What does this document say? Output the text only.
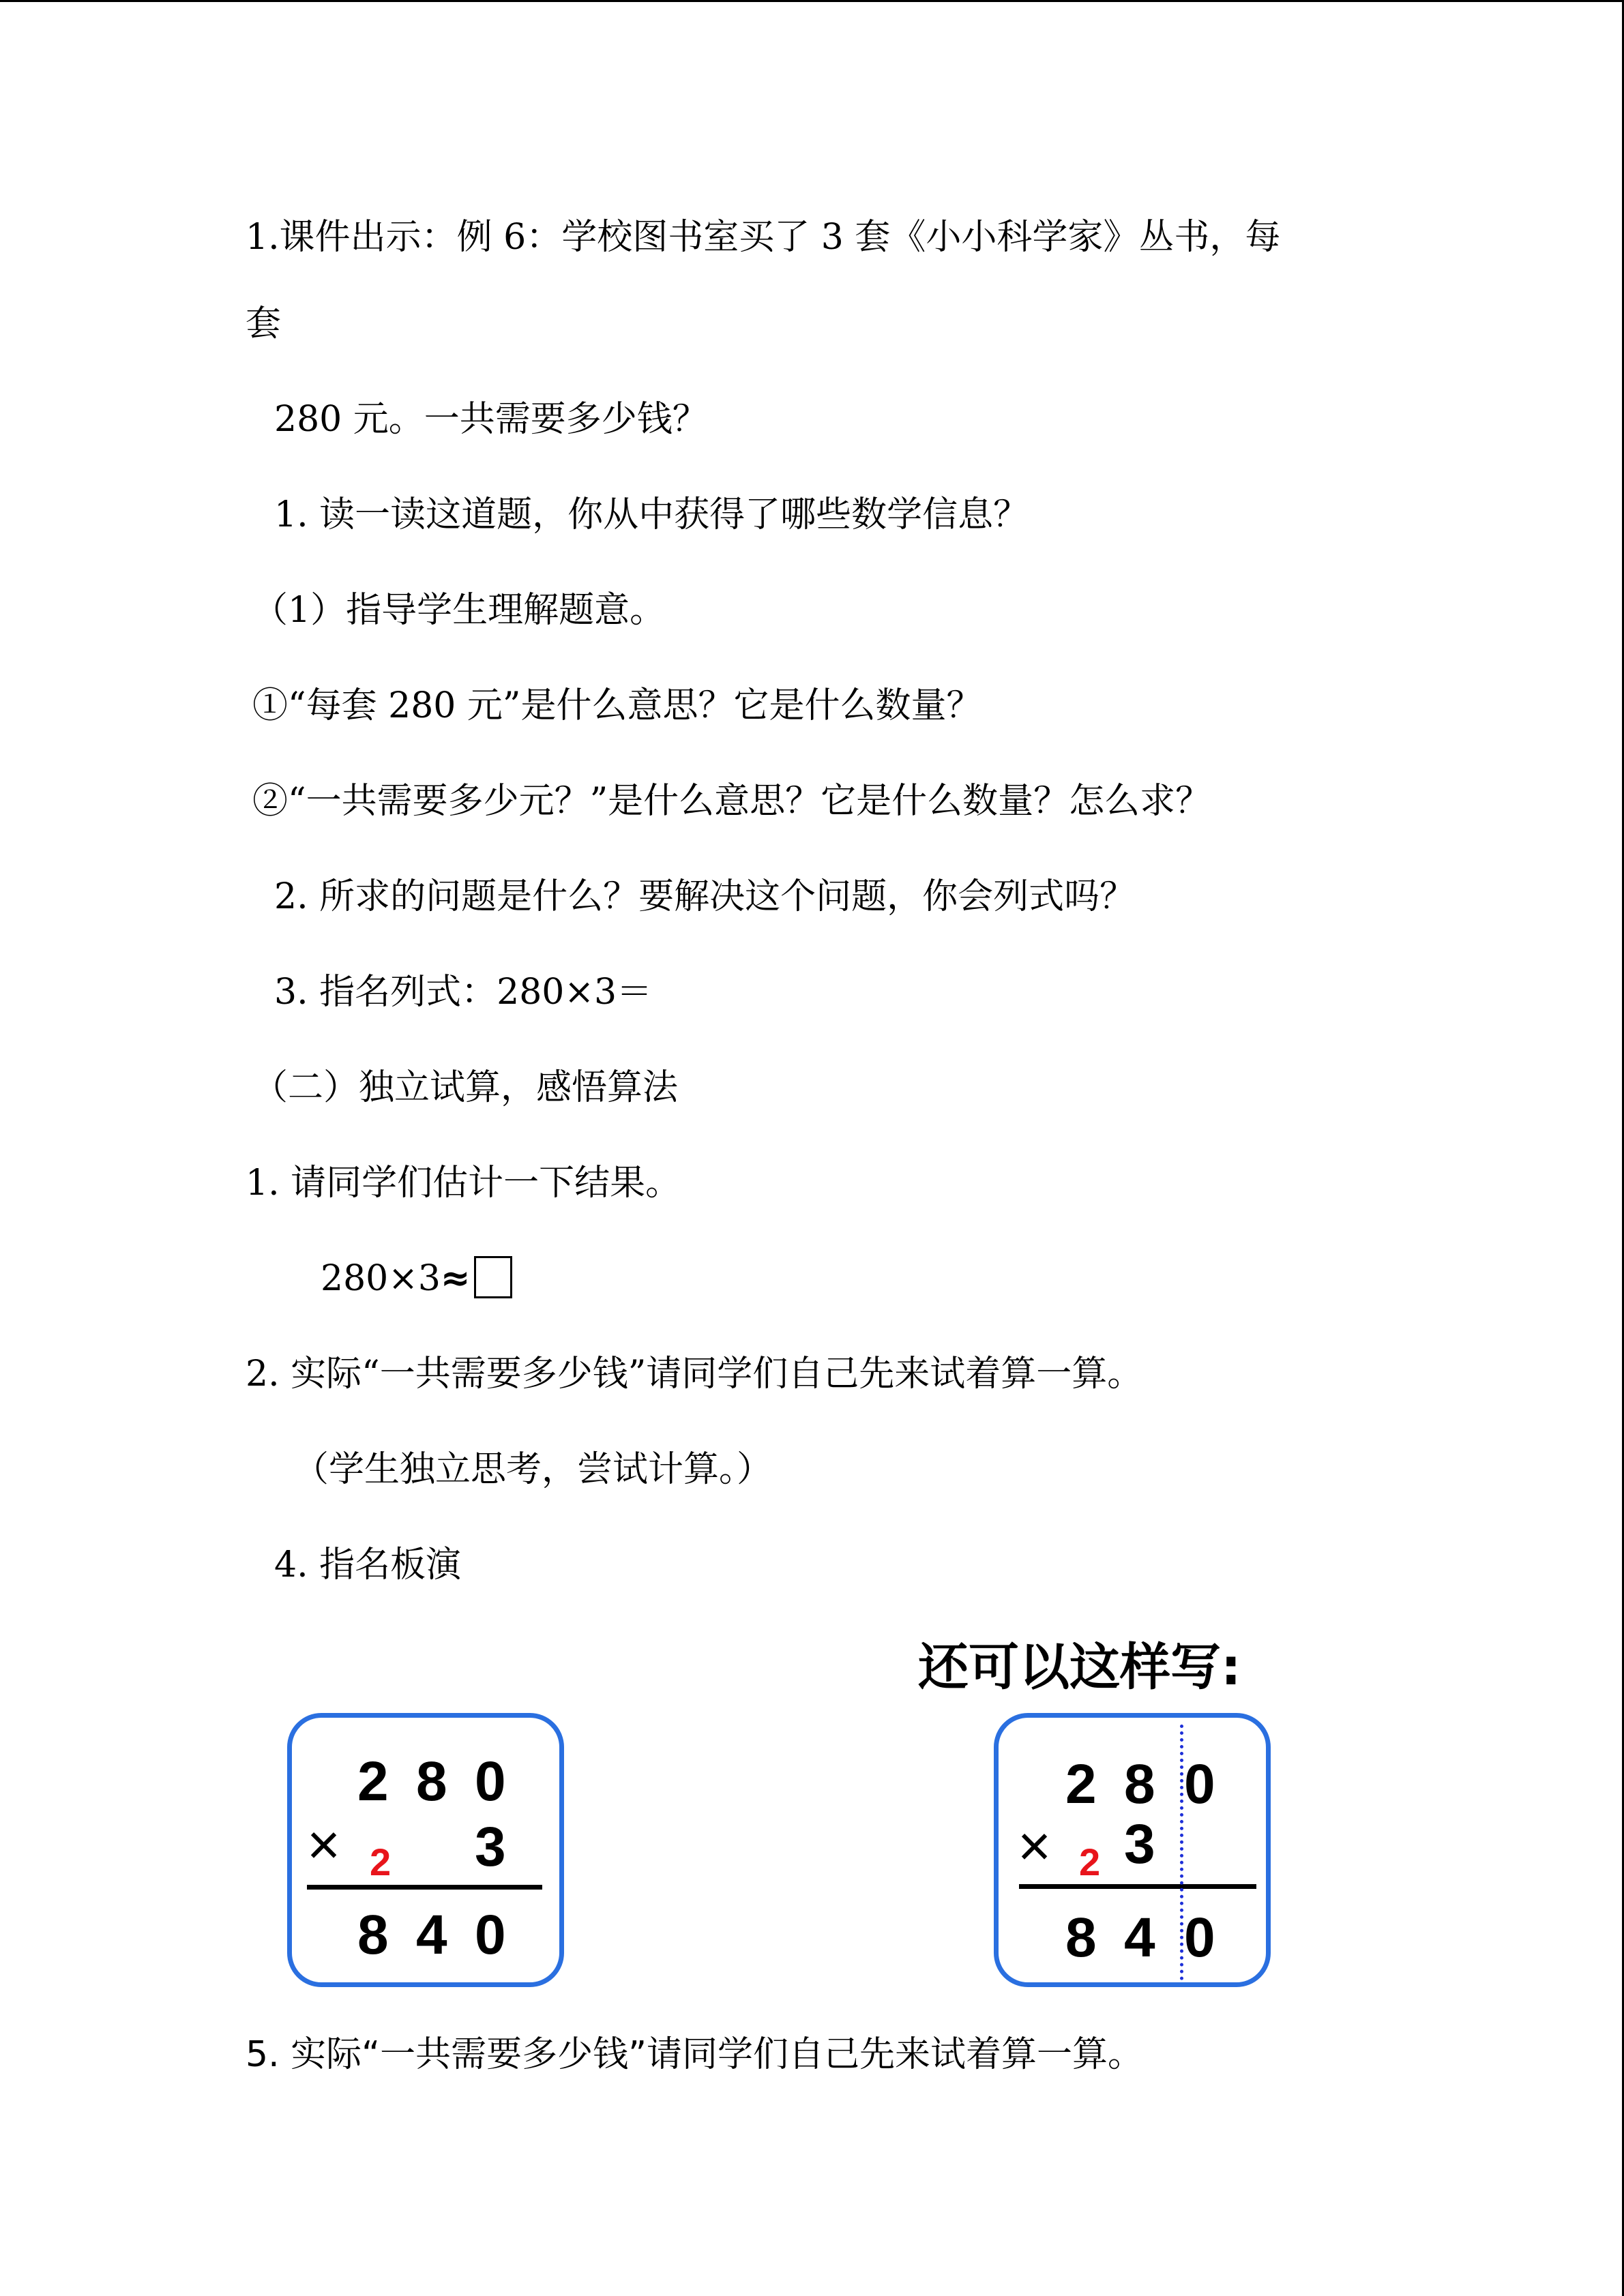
1.课件出示：例 6：学校图书室买了 3 套《小小科学家》丛书，每
套
280 元。一共需要多少钱？
1. 读一读这道题，你从中获得了哪些数学信息？
（1）指导学生理解题意。
①“每套 280 元”是什么意思？它是什么数量？
②“一共需要多少元？”是什么意思？它是什么数量？怎么求？
2. 所求的问题是什么？要解决这个问题，你会列式吗？
3. 指名列式：280×3＝
（二）独立试算，感悟算法
1. 请同学们估计一下结果。
280×3≈
2. 实际“一共需要多少钱”请同学们自己先来试着算一算。
（学生独立思考，尝试计算。）
4. 指名板演
还可以这样写:
2 8 0
× 2 3
8 4 0
2 8 0
× 2 3
8 4 0
5. 实际“一共需要多少钱”请同学们自己先来试着算一算。
